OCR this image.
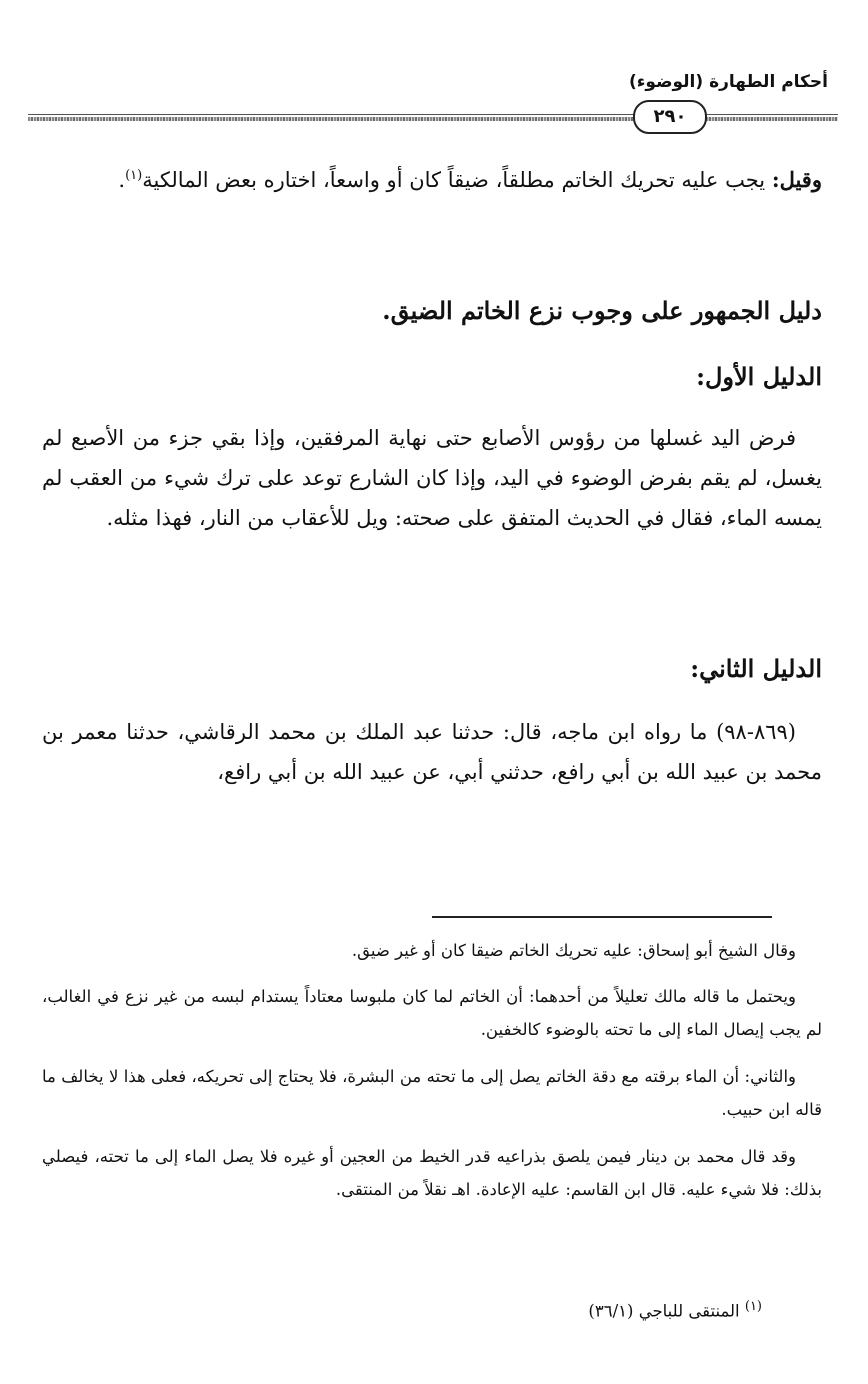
أحكام الطهارة (الوضوء)
٢٩٠
وقيل: يجب عليه تحريك الخاتم مطلقاً، ضيقاً كان أو واسعاً، اختاره بعض المالكية$^{(١)}$.
دليل الجمهور على وجوب نزع الخاتم الضيق.
الدليل الأول:
فرض اليد غسلها من رؤوس الأصابع حتى نهاية المرفقين، وإذا بقي جزء من الأصبع لم يغسل، لم يقم بفرض الوضوء في اليد، وإذا كان الشارع توعد على ترك شيء من العقب لم يمسه الماء، فقال في الحديث المتفق على صحته: ويل للأعقاب من النار، فهذا مثله.
الدليل الثاني:
(٨٦٩-٩٨) ما رواه ابن ماجه، قال: حدثنا عبد الملك بن محمد الرقاشي، حدثنا معمر بن محمد بن عبيد الله بن أبي رافع، حدثني أبي، عن عبيد الله بن أبي رافع،
وقال الشيخ أبو إسحاق: عليه تحريك الخاتم ضيقا كان أو غير ضيق.
ويحتمل ما قاله مالك تعليلاً من أحدهما: أن الخاتم لما كان ملبوسا معتاداً يستدام لبسه من غير نزع في الغالب، لم يجب إيصال الماء إلى ما تحته بالوضوء كالخفين.
والثاني: أن الماء برقته مع دقة الخاتم يصل إلى ما تحته من البشرة، فلا يحتاج إلى تحريكه، فعلى هذا لا يخالف ما قاله ابن حبيب.
وقد قال محمد بن دينار فيمن يلصق بذراعيه قدر الخيط من العجين أو غيره فلا يصل الماء إلى ما تحته، فيصلي بذلك: فلا شيء عليه. قال ابن القاسم: عليه الإعادة. اهـ نقلاً من المنتقى.
$^{(١)}$ المنتقى للباجي (٣٦/١)
